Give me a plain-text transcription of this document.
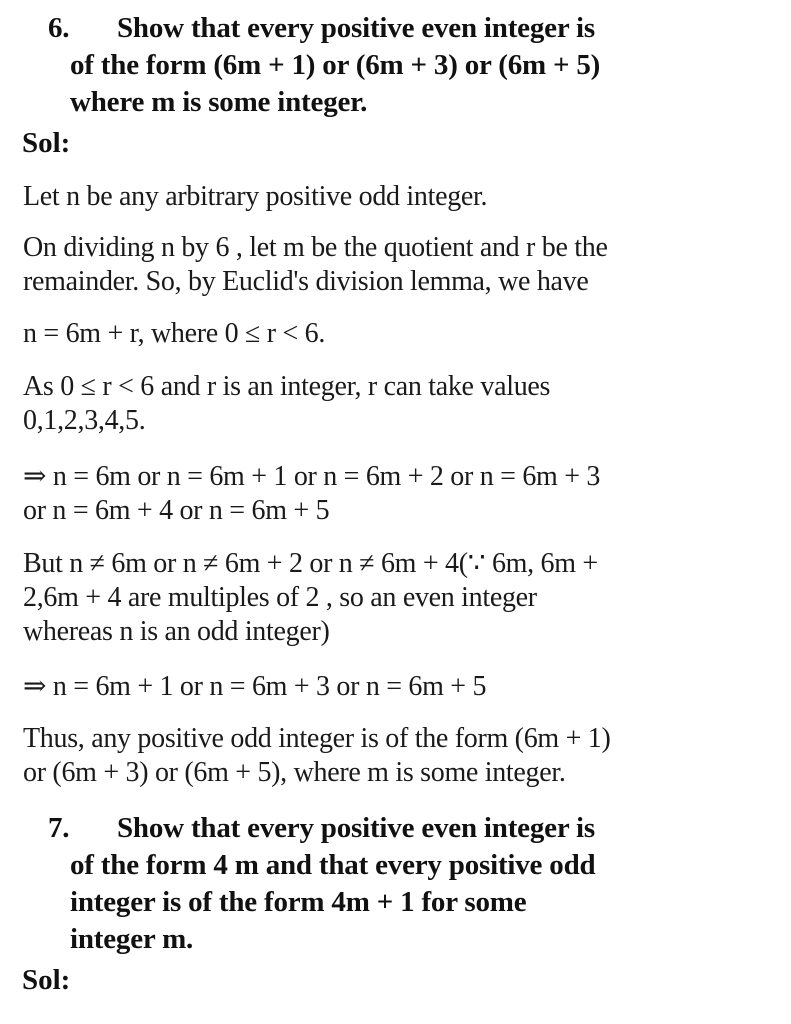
6.	Show that every positive even integer is
of the form (6m + 1) or (6m + 3) or (6m + 5)
where m is some integer.
Sol:
Let n be any arbitrary positive odd integer.
On dividing n by 6 , let m be the quotient and r be the
remainder. So, by Euclid's division lemma, we have
n = 6m + r, where 0 ≤ r < 6.
As 0 ≤ r < 6 and r is an integer, r can take values
0,1,2,3,4,5.
⇒ n = 6m or n = 6m + 1 or n = 6m + 2 or n = 6m + 3
or n = 6m + 4 or n = 6m + 5
But n ≠ 6m or n ≠ 6m + 2 or n ≠ 6m + 4(∵ 6m, 6m +
2,6m + 4 are multiples of 2 , so an even integer
whereas n is an odd integer)
⇒ n = 6m + 1 or n = 6m + 3 or n = 6m + 5
Thus, any positive odd integer is of the form (6m + 1)
or (6m + 3) or (6m + 5), where m is some integer.
7.	Show that every positive even integer is
of the form 4 m and that every positive odd
integer is of the form 4m + 1 for some
integer m.
Sol:
